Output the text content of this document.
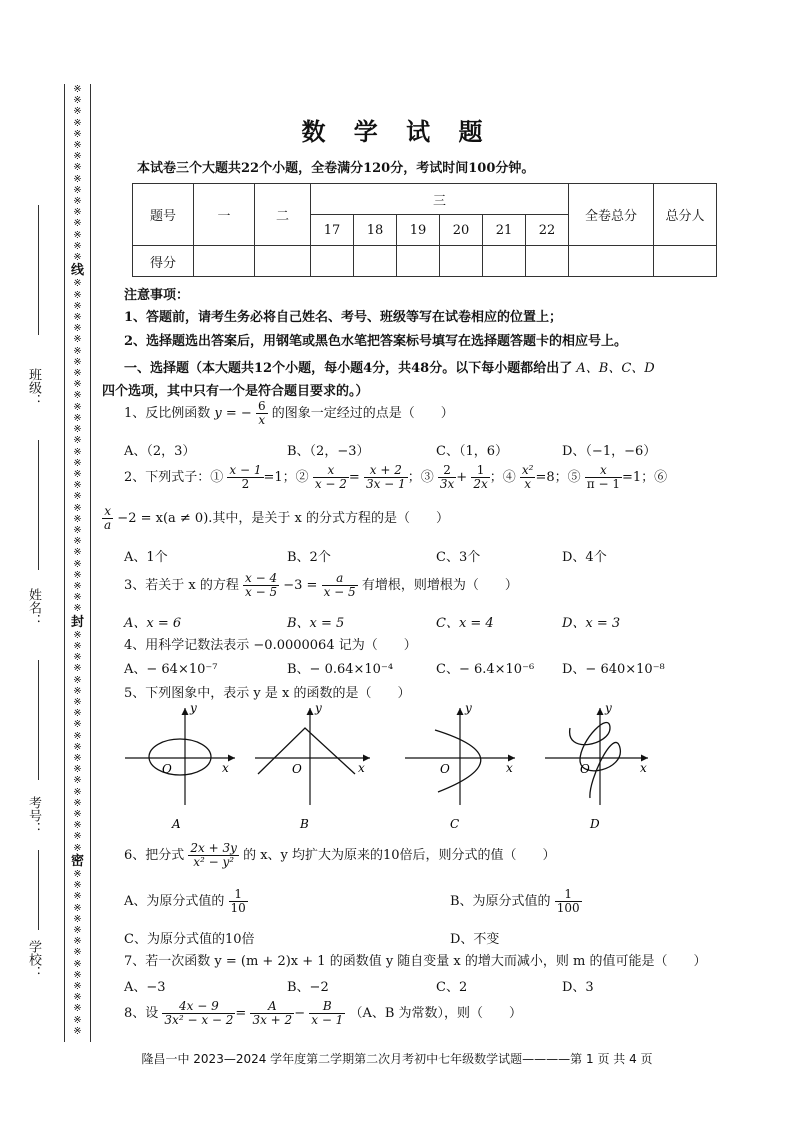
班级：
姓名：
考号：
学校：
※
※
※
※
※
※
※
※
※
※
※
※
※
※
※
※

线
※
※
※
※
※
※
※
※
※
※
※
※
※
※
※
※
※
※
※
※
※
※
※
※
※
※
※
※
※
※

封
※
※
※
※
※
※
※
※
※
※
※
※
※
※
※
※
※
※
※
※

密
※
※
※
※
※
※
※
※
※
※
※
※
※
※
※

数 学 试 题
本试卷三个大题共22个小题，全卷满分120分，考试时间100分钟。
题号	一	二	三						全卷总分	总分人
			17	18	19	20	21	22		
得分										
注意事项：
1、答题前，请考生务必将自己姓名、考号、班级等写在试卷相应的位置上；
2、选择题选出答案后，用钢笔或黑色水笔把答案标号填写在选择题答题卡的相应号上。
一、选择题（本大题共12个小题，每小题4分，共48分。以下每小题都给出了 A、B、C、D
四个选项，其中只有一个是符合题目要求的。）
1、反比例函数 y = − $\frac{6}{x}$ 的图象一定经过的点是（　　）
A、（2，3）	B、（2，−3）	C、（1，6）	D、（−1，−6）
2、下列式子：① $\frac{x - 1}{2} =1$；② $\frac{x}{x - 2} = \frac{x + 2}{3x - 1}$ ；③ $\frac{2}{3x} + \frac{1}{2x}$ ；④ $\frac{\text{x²}}{x} =8$；⑤ $\frac{x}{\pi - 1} =1$；⑥
$\frac{x}{a} -2 = x(a \ne 0)$.其中，是关于 x 的分式方程的是（　　）
A、1个	B、2个	C、3个	D、4个
3、若关于 x 的方程 $\frac{x - 4}{x - 5} -3 = \frac{a}{x - 5}$ 有增根，则增根为（　　）
A、x = 6	B、x = 5	C、x = 4	D、x = 3
4、用科学记数法表示 −0.0000064 记为（　　）
A、− 64×10⁻⁷	B、− 0.64×10⁻⁴	C、− 6.4×10⁻⁶ D、− 640×10⁻⁸
5、下列图象中，表示 y 是 x 的函数的是（　　）
y
x
O
A
y
x
O
B
y
x
O
C
y
x
O
D
6、把分式 $\frac{2x + 3y}{\text{x² − y²}}$ 的 x、y 均扩大为原来的10倍后，则分式的值（　　）
A、为原分式值的 $\frac{1}{10}$	B、为原分式值的 $\frac{1}{100}$
C、为原分式值的10倍	D、不变
7、若一次函数 y = (m + 2)x + 1 的函数值 y 随自变量 x 的增大而减小，则 m 的值可能是（　　）
A、−3	B、−2	C、2	D、3
8、设 $\frac{4x - 9}{\text{3x² − x − 2}} = \frac{A}{3x + 2} - \frac{B}{x - 1} (A$、B 为常数），则（　　）
隆昌一中 2023—2024 学年度第二学期第二次月考初中七年级数学试题————第 1 页 共 4 页
